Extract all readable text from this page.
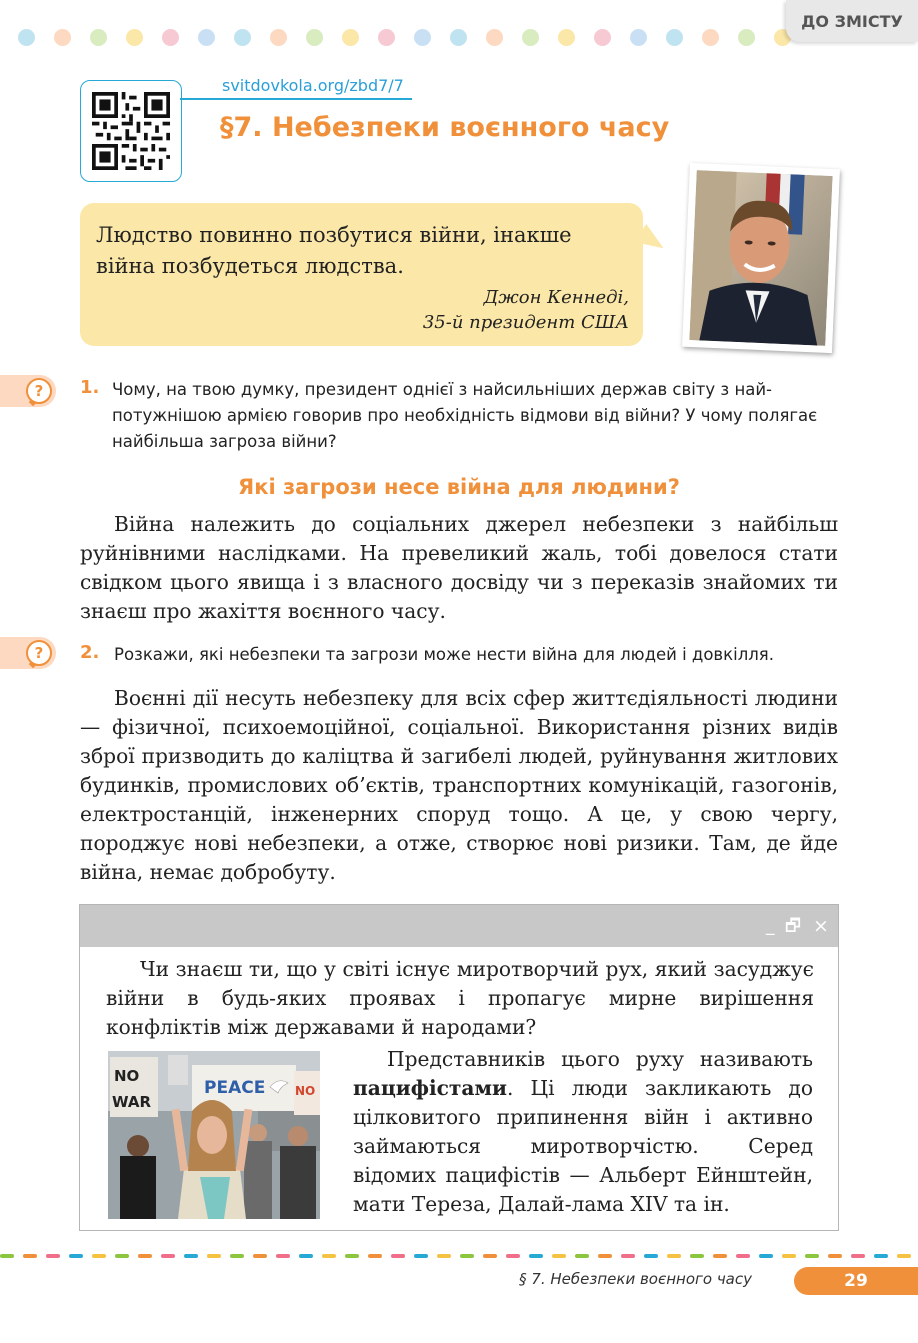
ДО ЗМІСТУ
svitdovkola.org/zbd7/7
§7. Небезпеки воєнного часу
Людство повинно позбутися війни, інакше
війна позбудеться людства.
Джон Кеннеді,
35-й президент США
?	1. Чому, на твою думку, президент однієї з найсильніших держав світу з най-потужнішою армією говорив про необхідність відмови від війни? У чому полягає найбільша загроза війни?
Які загрози несе війна для людини?

Війна належить до соціальних джерел небезпеки з найбільш руйнівними наслідками. На превеликий жаль, тобі довелося стати свідком цього явища і з власного досвіду чи з переказів знайомих ти знаєш про жахіття воєнного часу.

?	2. Розкажи, які небезпеки та загрози може нести війна для людей і довкілля.

Воєнні дії несуть небезпеку для всіх сфер життєдіяльності людини — фізичної, психоемоційної, соціальної. Використання різних видів зброї призводить до каліцтва й загибелі людей, руйнування житлових будинків, промислових об’єктів, транспортних комунікацій, газогонів, електростанцій, інженерних споруд тощо. А це, у свою чергу, породжує нові небезпеки, а отже, створює нові ризики. Там, де йде війна, немає добробуту.

_ 🗗 ×

Чи знаєш ти, що у світі існує миротворчий рух, який засуджує війни в будь-яких проявах і пропагує мирне вирішення конфліктів між державами й народами?

NO
WAR
PEACE NO

Представників цього руху називають пацифістами. Ці люди закликають до цілковитого припинення війн і активно займаються миротворчістю. Серед відомих пацифістів — Альберт Ейнштейн, мати Тереза, Далай-лама XIV та ін.

§ 7. Небезпеки воєнного часу	29
